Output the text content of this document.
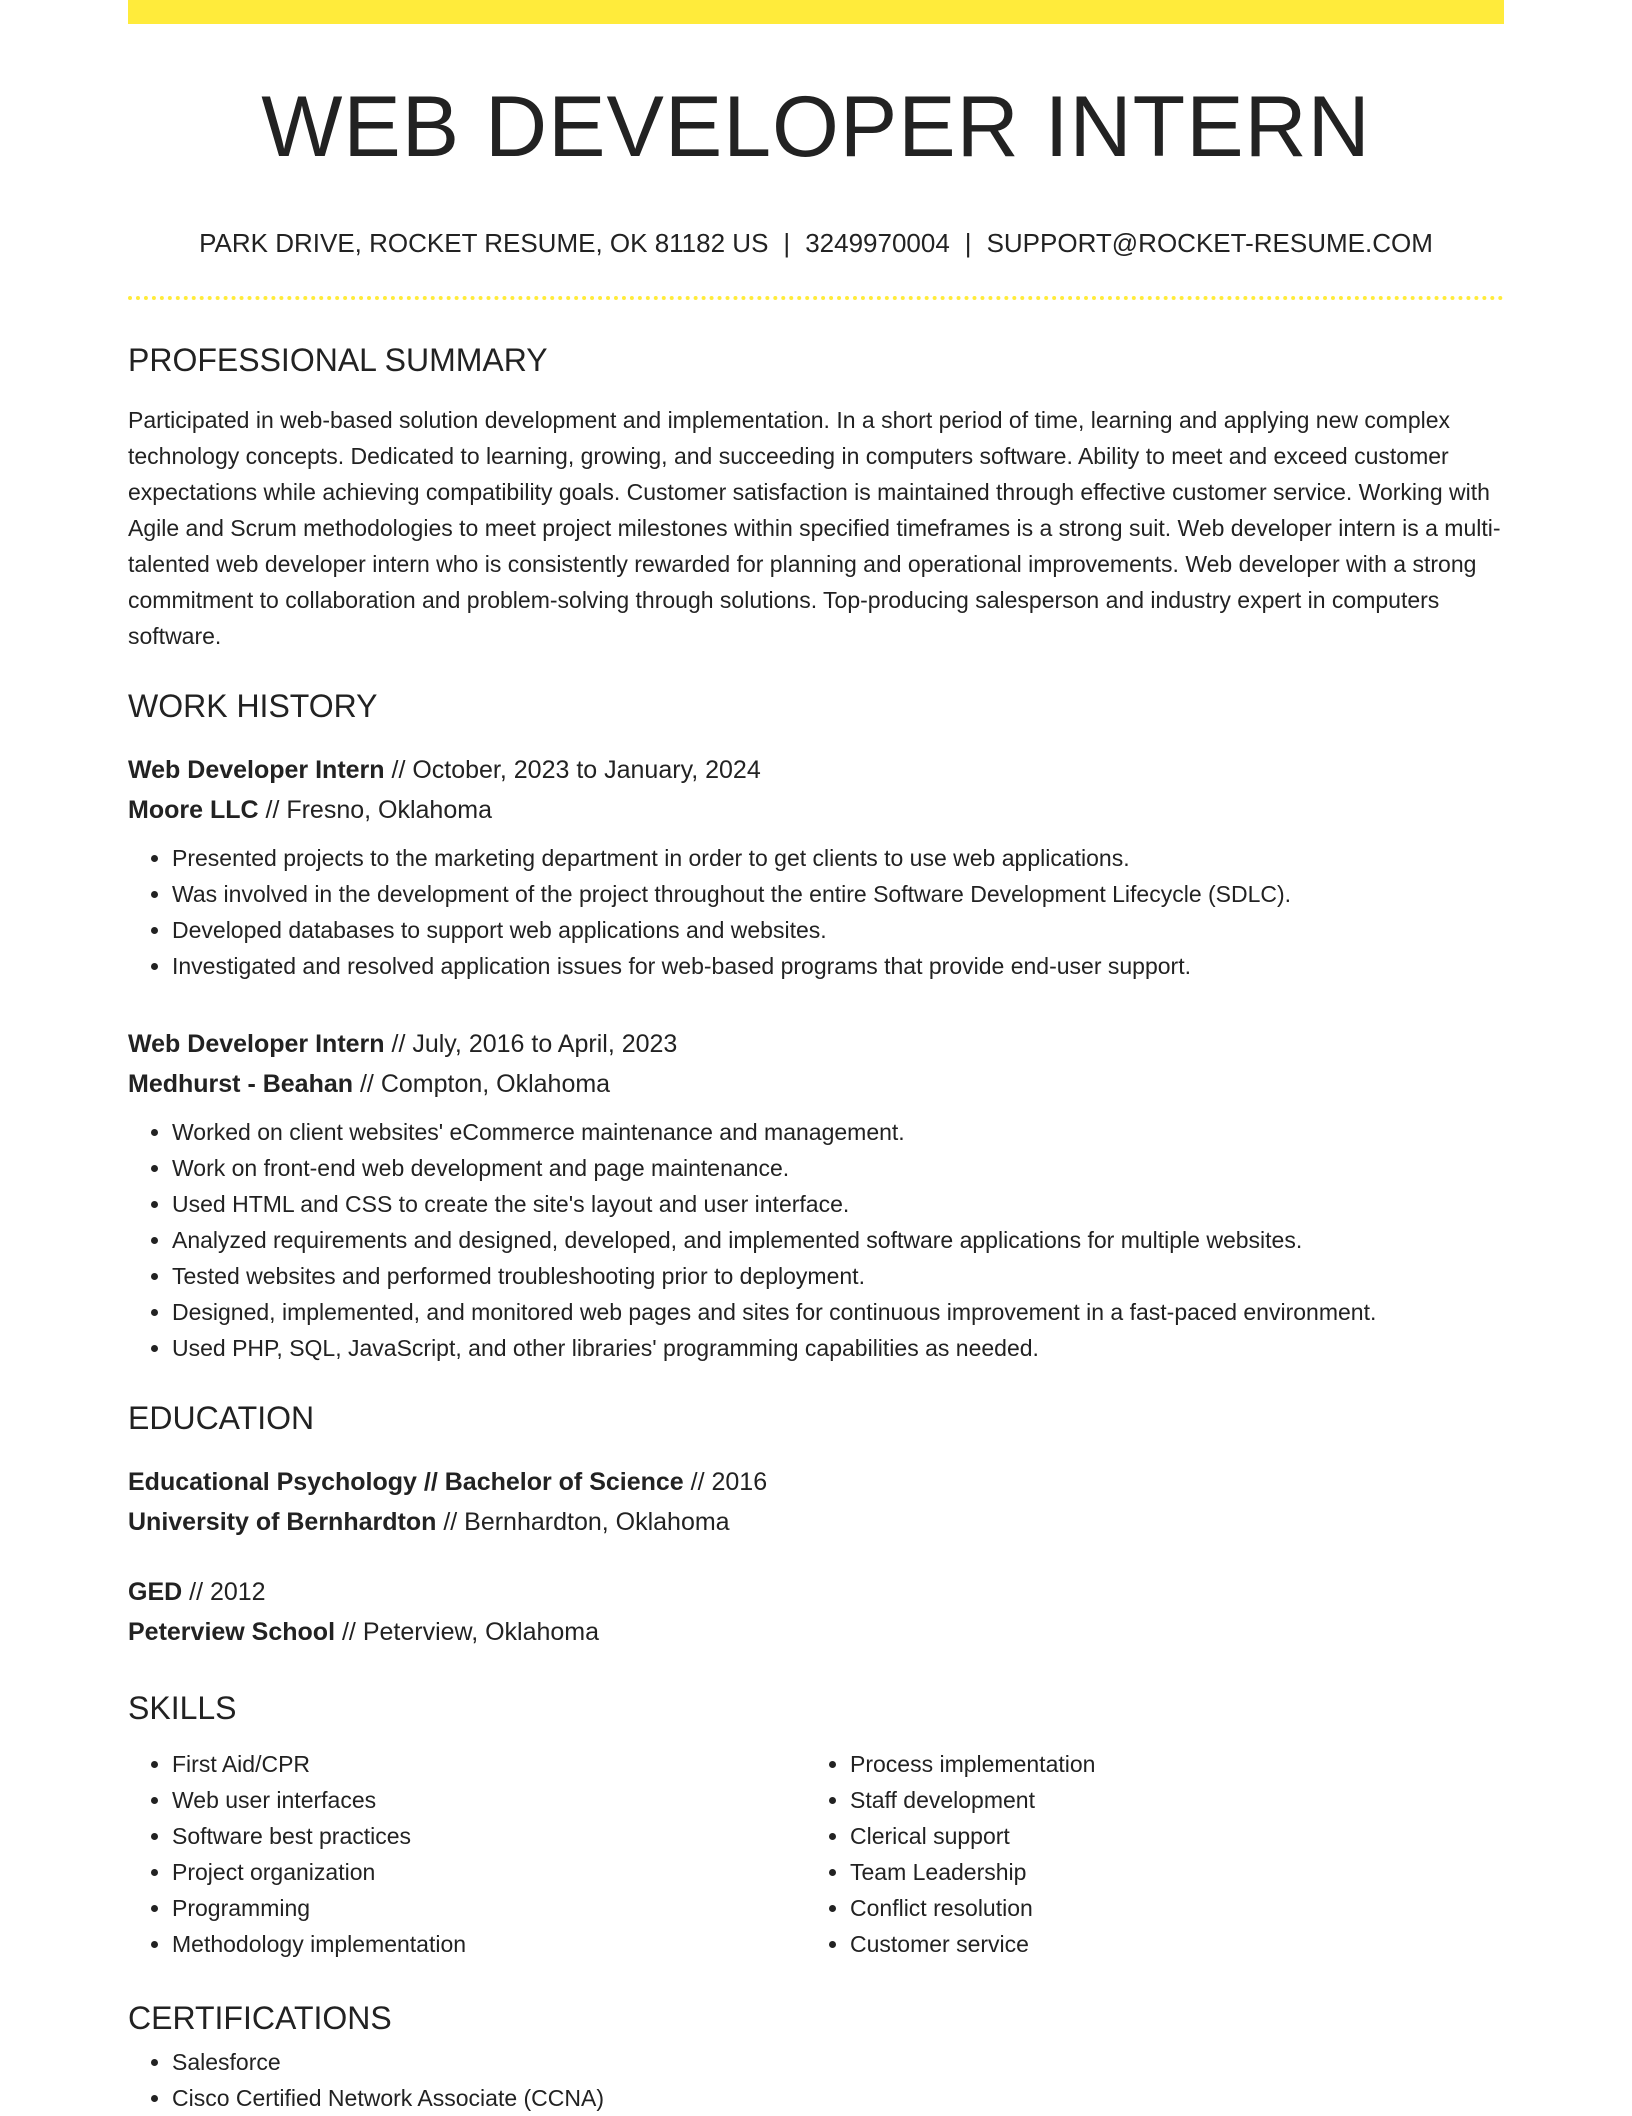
WEB DEVELOPER INTERN
PARK DRIVE, ROCKET RESUME, OK 81182 US | 3249970004 | SUPPORT@ROCKET-RESUME.COM
PROFESSIONAL SUMMARY

Participated in web-based solution development and implementation. In a short period of time, learning and applying new complex technology concepts. Dedicated to learning, growing, and succeeding in computers software. Ability to meet and exceed customer expectations while achieving compatibility goals. Customer satisfaction is maintained through effective customer service. Working with Agile and Scrum methodologies to meet project milestones within specified timeframes is a strong suit. Web developer intern is a multi-talented web developer intern who is consistently rewarded for planning and operational improvements. Web developer with a strong commitment to collaboration and problem-solving through solutions. Top-producing salesperson and industry expert in computers software.

WORK HISTORY
Web Developer Intern // October, 2023 to January, 2024
Moore LLC // Fresno, Oklahoma
• Presented projects to the marketing department in order to get clients to use web applications.
• Was involved in the development of the project throughout the entire Software Development Lifecycle (SDLC).
• Developed databases to support web applications and websites.
• Investigated and resolved application issues for web-based programs that provide end-user support.
Web Developer Intern // July, 2016 to April, 2023
Medhurst - Beahan // Compton, Oklahoma
• Worked on client websites' eCommerce maintenance and management.
• Work on front-end web development and page maintenance.
• Used HTML and CSS to create the site's layout and user interface.
• Analyzed requirements and designed, developed, and implemented software applications for multiple websites.
• Tested websites and performed troubleshooting prior to deployment.
• Designed, implemented, and monitored web pages and sites for continuous improvement in a fast-paced environment.
• Used PHP, SQL, JavaScript, and other libraries' programming capabilities as needed.
EDUCATION
Educational Psychology // Bachelor of Science // 2016
University of Bernhardton // Bernhardton, Oklahoma
GED // 2012
Peterview School // Peterview, Oklahoma
SKILLS
• First Aid/CPR
• Web user interfaces
• Software best practices
• Project organization
• Programming
• Methodology implementation
• Process implementation
• Staff development
• Clerical support
• Team Leadership
• Conflict resolution
• Customer service
CERTIFICATIONS
• Salesforce
• Cisco Certified Network Associate (CCNA)
